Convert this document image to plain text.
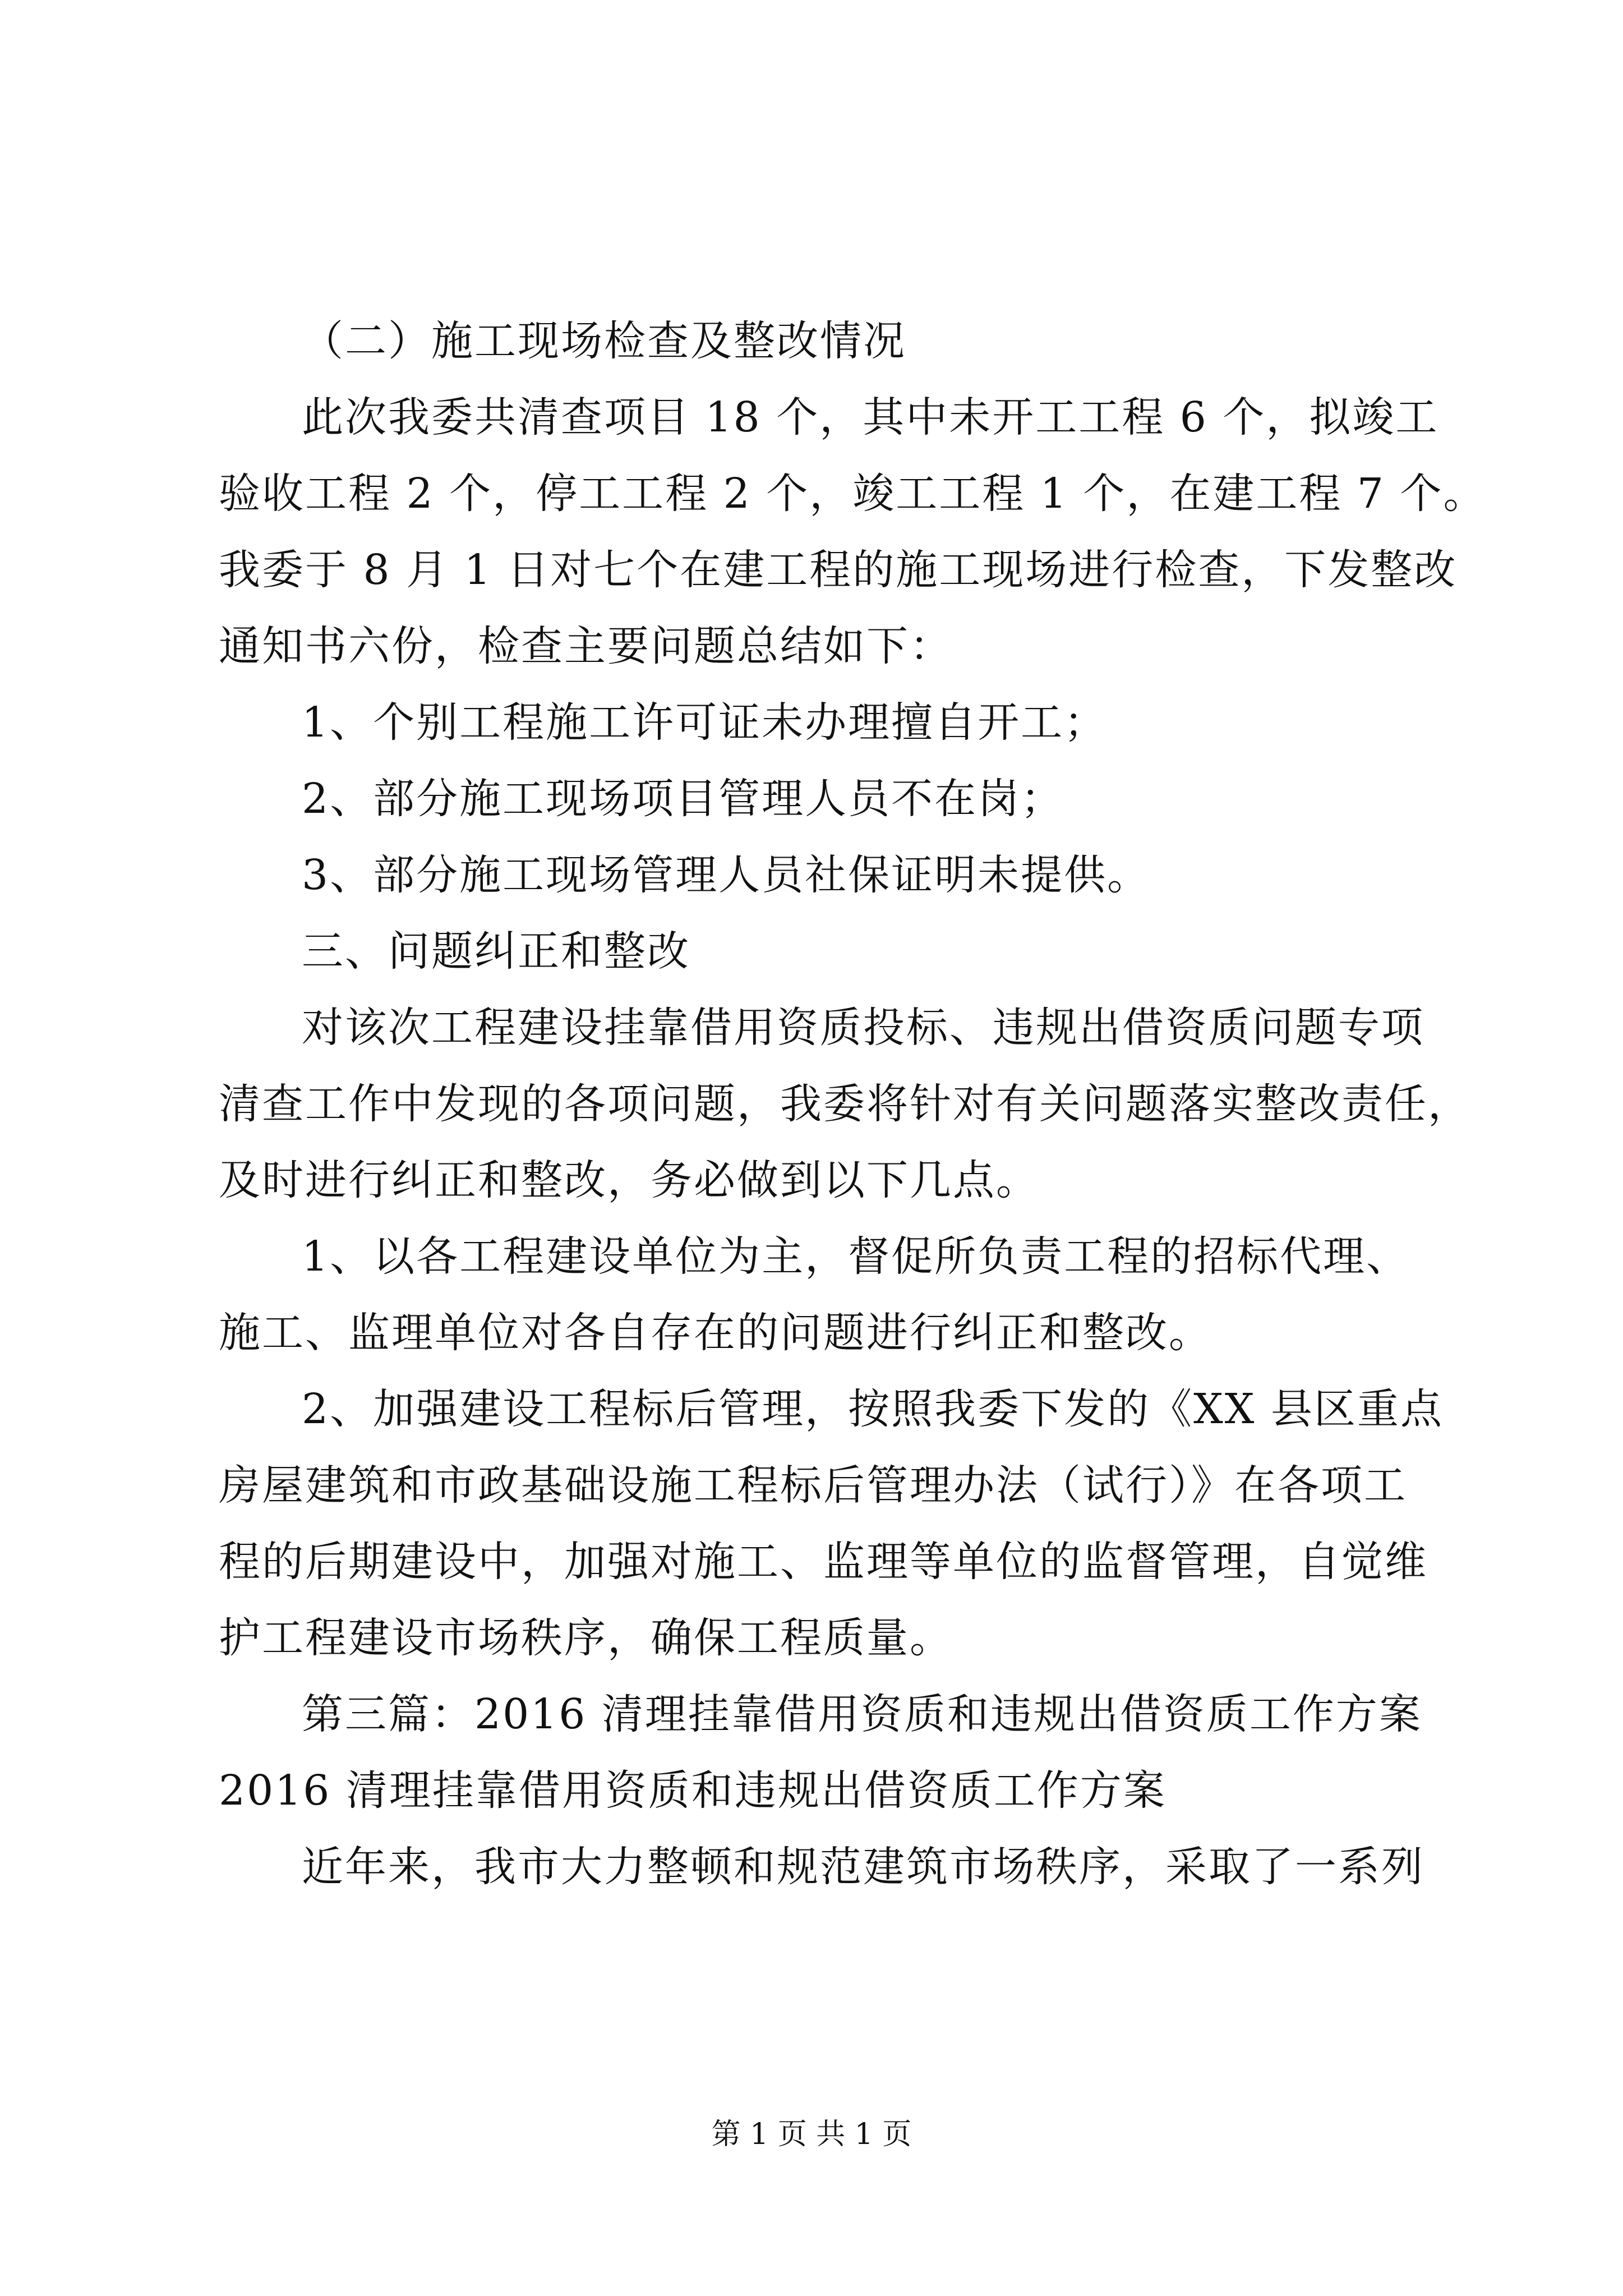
（二）施工现场检查及整改情况

此次我委共清查项目 18 个，其中未开工工程 6 个，拟竣工

验收工程 2 个，停工工程 2 个，竣工工程 1 个，在建工程 7 个。

我委于 8 月 1 日对七个在建工程的施工现场进行检查，下发整改

通知书六份，检查主要问题总结如下：

1、个别工程施工许可证未办理擅自开工；

2、部分施工现场项目管理人员不在岗；

3、部分施工现场管理人员社保证明未提供。

三、问题纠正和整改

对该次工程建设挂靠借用资质投标、违规出借资质问题专项

清查工作中发现的各项问题，我委将针对有关问题落实整改责任，

及时进行纠正和整改，务必做到以下几点。

1、以各工程建设单位为主，督促所负责工程的招标代理、

施工、监理单位对各自存在的问题进行纠正和整改。

2、加强建设工程标后管理，按照我委下发的《XX 县区重点

房屋建筑和市政基础设施工程标后管理办法（试行）》在各项工

程的后期建设中，加强对施工、监理等单位的监督管理，自觉维

护工程建设市场秩序，确保工程质量。

第三篇：2016 清理挂靠借用资质和违规出借资质工作方案

2016 清理挂靠借用资质和违规出借资质工作方案

近年来，我市大力整顿和规范建筑市场秩序，采取了一系列

第 1 页 共 1 页
